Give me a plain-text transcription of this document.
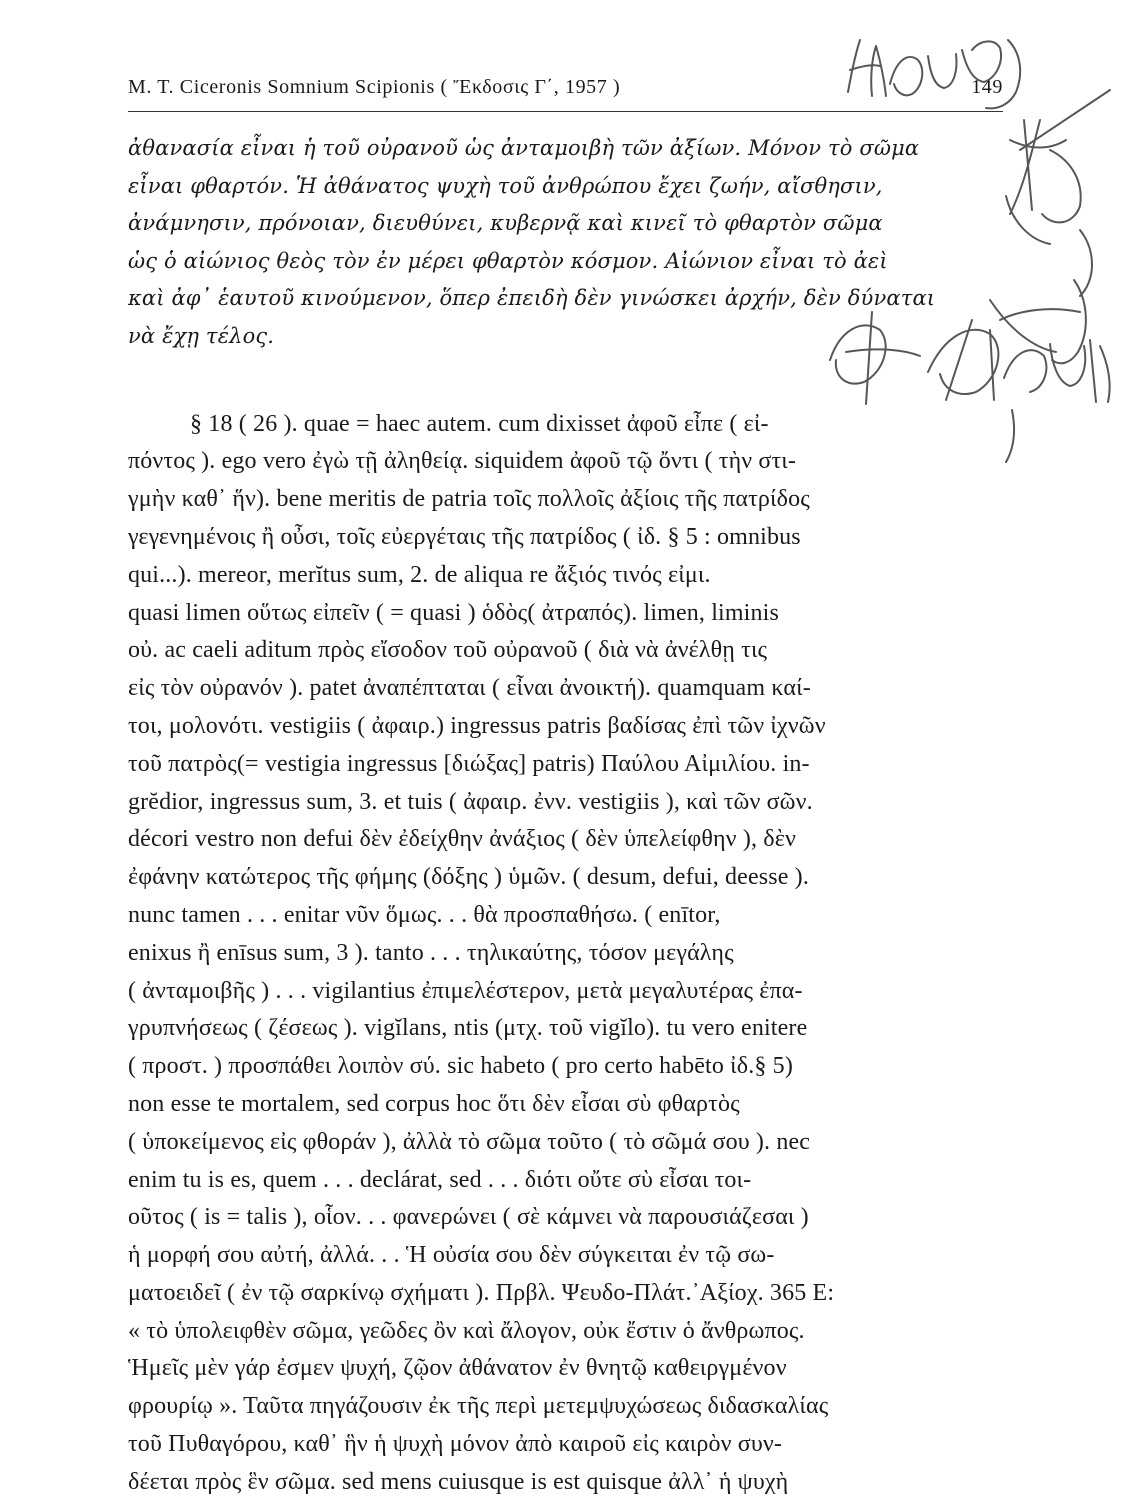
M. T. Ciceronis Somnium Scipionis ( Ἔκδοσις Γ΄, 1957 )	149
ἀθανασία εἶναι ἡ τοῦ οὐρανοῦ ὡς ἀνταμοιβὴ τῶν ἀξίων. Μόνον τὸ σῶμα
εἶναι φθαρτόν. Ἡ ἀθάνατος ψυχὴ τοῦ ἀνθρώπου ἔχει ζωήν, αἴσθησιν,
ἀνάμνησιν, πρόνοιαν, διευθύνει, κυβερνᾷ καὶ κινεῖ τὸ φθαρτὸν σῶμα
ὡς ὁ αἰώνιος θεὸς τὸν ἐν μέρει φθαρτὸν κόσμον. Αἰώνιον εἶναι τὸ ἀεὶ
καὶ ἀφ᾽ ἑαυτοῦ κινούμενον, ὅπερ ἐπειδὴ δὲν γινώσκει ἀρχήν, δὲν δύναται
νὰ ἔχῃ τέλος.
§ 18 ( 26 ). quae = haec autem. cum dixisset ἀφοῦ εἶπε ( εἰ-
πόντος ). ego vero ἐγὼ τῇ ἀληθείᾳ. siquidem ἀφοῦ τῷ ὄντι ( τὴν στι-
γμὴν καθ᾽ ἥν). bene meritis de patria τοῖς πολλοῖς ἀξίοις τῆς πατρίδος
γεγενημένοις ἢ οὖσι, τοῖς εὐεργέταις τῆς πατρίδος ( ἰδ. § 5 : omnibus
qui...). mereor, merĭtus sum, 2. de aliqua re ἄξιός τινός εἰμι.
quasi limen οὕτως εἰπεῖν ( = quasi ) ὁδὸς( ἀτραπός). limen, liminis
οὐ. ac caeli aditum πρὸς εἴσοδον τοῦ οὐρανοῦ ( διὰ νὰ ἀνέλθῃ τις
εἰς τὸν οὐρανόν ). patet ἀναπέπταται ( εἶναι ἀνοικτή). quamquam καί-
τοι, μολονότι. vestigiis ( ἀφαιρ.) ingressus patris βαδίσας ἐπὶ τῶν ἰχνῶν
τοῦ πατρὸς(= vestigia ingressus [διώξας] patris) Παύλου Αἰμιλίου. in-
grĕdior, ingressus sum, 3. et tuis ( ἀφαιρ. ἐνν. vestigiis ), καὶ τῶν σῶν.
décori vestro non defui δὲν ἐδείχθην ἀνάξιος ( δὲν ὑπελείφθην ), δὲν
ἐφάνην κατώτερος τῆς φήμης (δόξης ) ὑμῶν. ( desum, defui, deesse ).
nunc tamen . . . enitar νῦν ὅμως. . . θὰ προσπαθήσω. ( enītor,
enixus ἢ enīsus sum, 3 ). tanto . . . τηλικαύτης, τόσον μεγάλης
( ἀνταμοιβῆς ) . . . vigilantius ἐπιμελέστερον, μετὰ μεγαλυτέρας ἐπα-
γρυπνήσεως ( ζέσεως ). vigĭlans, ntis (μτχ. τοῦ vigĭlo). tu vero enitere
( προστ. ) προσπάθει λοιπὸν σύ. sic habeto ( pro certo habēto ἰδ.§ 5)
non esse te mortalem, sed corpus hoc ὅτι δὲν εἶσαι σὺ φθαρτὸς
( ὑποκείμενος εἰς φθοράν ), ἀλλὰ τὸ σῶμα τοῦτο ( τὸ σῶμά σου ). nec
enim tu is es, quem . . . declárat, sed . . . διότι οὔτε σὺ εἶσαι τοι-
οῦτος ( is = talis ), οἷον. . . φανερώνει ( σὲ κάμνει νὰ παρουσιάζεσαι )
ἡ μορφή σου αὐτή, ἀλλά. . . Ἡ οὐσία σου δὲν σύγκειται ἐν τῷ σω-
ματοειδεῖ ( ἐν τῷ σαρκίνῳ σχήματι ). Πρβλ. Ψευδο-Πλάτ.᾽Αξίοχ. 365 E:
« τὸ ὑπολειφθὲν σῶμα, γεῶδες ὂν καὶ ἄλογον, οὐκ ἔστιν ὁ ἄνθρωπος.
Ἡμεῖς μὲν γάρ ἐσμεν ψυχή, ζῷον ἀθάνατον ἐν θνητῷ καθειργμένον
φρουρίῳ ». Ταῦτα πηγάζουσιν ἐκ τῆς περὶ μετεμψυχώσεως διδασκαλίας
τοῦ Πυθαγόρου, καθ᾽ ἣν ἡ ψυχὴ μόνον ἀπὸ καιροῦ εἰς καιρὸν συν-
δέεται πρὸς ἓν σῶμα. sed mens cuiusque is est quisque ἀλλ᾽ ἡ ψυχὴ
